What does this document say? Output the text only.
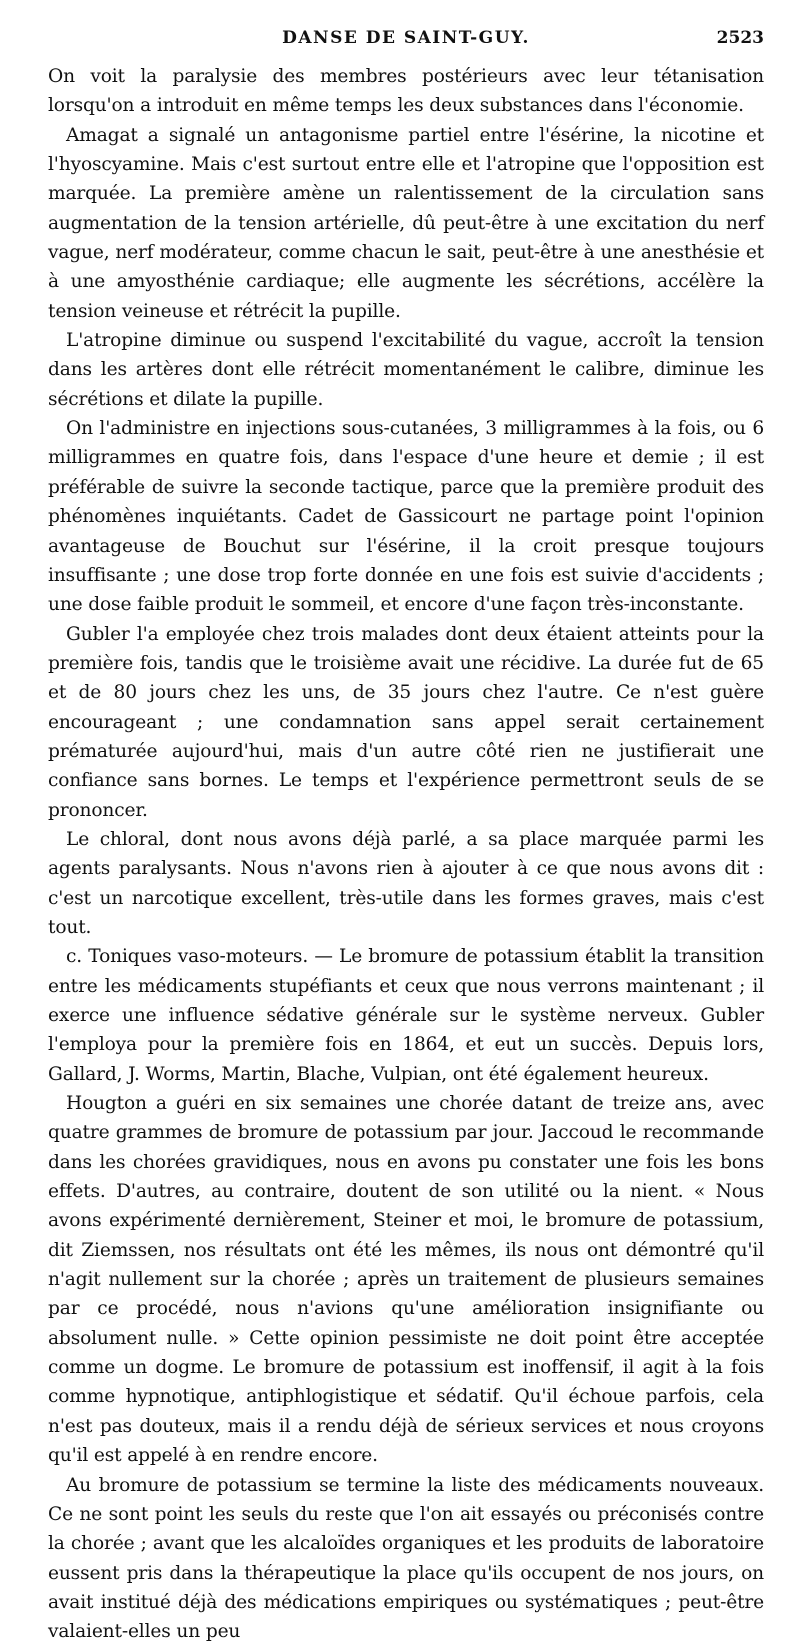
DANSE DE SAINT-GUY.	2523

On voit la paralysie des membres postérieurs avec leur tétanisation lorsqu'on a introduit en même temps les deux substances dans l'économie.

Amagat a signalé un antagonisme partiel entre l'ésérine, la nicotine et l'hyoscyamine. Mais c'est surtout entre elle et l'atropine que l'opposition est marquée. La première amène un ralentissement de la circulation sans augmentation de la tension artérielle, dû peut-être à une excitation du nerf vague, nerf modérateur, comme chacun le sait, peut-être à une anesthésie et à une amyosthénie cardiaque; elle augmente les sécrétions, accélère la tension veineuse et rétrécit la pupille.

L'atropine diminue ou suspend l'excitabilité du vague, accroît la tension dans les artères dont elle rétrécit momentanément le calibre, diminue les sécrétions et dilate la pupille.

On l'administre en injections sous-cutanées, 3 milligrammes à la fois, ou 6 milligrammes en quatre fois, dans l'espace d'une heure et demie ; il est préférable de suivre la seconde tactique, parce que la première produit des phénomènes inquiétants. Cadet de Gassicourt ne partage point l'opinion avantageuse de Bouchut sur l'ésérine, il la croit presque toujours insuffisante ; une dose trop forte donnée en une fois est suivie d'accidents ; une dose faible produit le sommeil, et encore d'une façon très-inconstante.

Gubler l'a employée chez trois malades dont deux étaient atteints pour la première fois, tandis que le troisième avait une récidive. La durée fut de 65 et de 80 jours chez les uns, de 35 jours chez l'autre. Ce n'est guère encourageant ; une condamnation sans appel serait certainement prématurée aujourd'hui, mais d'un autre côté rien ne justifierait une confiance sans bornes. Le temps et l'expérience permettront seuls de se prononcer.

Le chloral, dont nous avons déjà parlé, a sa place marquée parmi les agents paralysants. Nous n'avons rien à ajouter à ce que nous avons dit : c'est un narcotique excellent, très-utile dans les formes graves, mais c'est tout.

c. Toniques vaso-moteurs. — Le bromure de potassium établit la transition entre les médicaments stupéfiants et ceux que nous verrons maintenant ; il exerce une influence sédative générale sur le système nerveux. Gubler l'employa pour la première fois en 1864, et eut un succès. Depuis lors, Gallard, J. Worms, Martin, Blache, Vulpian, ont été également heureux.

Hougton a guéri en six semaines une chorée datant de treize ans, avec quatre grammes de bromure de potassium par jour. Jaccoud le recommande dans les chorées gravidiques, nous en avons pu constater une fois les bons effets. D'autres, au contraire, doutent de son utilité ou la nient. « Nous avons expérimenté dernièrement, Steiner et moi, le bromure de potassium, dit Ziemssen, nos résultats ont été les mêmes, ils nous ont démontré qu'il n'agit nullement sur la chorée ; après un traitement de plusieurs semaines par ce procédé, nous n'avions qu'une amélioration insignifiante ou absolument nulle. » Cette opinion pessimiste ne doit point être acceptée comme un dogme. Le bromure de potassium est inoffensif, il agit à la fois comme hypnotique, antiphlogistique et sédatif. Qu'il échoue parfois, cela n'est pas douteux, mais il a rendu déjà de sérieux services et nous croyons qu'il est appelé à en rendre encore.

Au bromure de potassium se termine la liste des médicaments nouveaux. Ce ne sont point les seuls du reste que l'on ait essayés ou préconisés contre la chorée ; avant que les alcaloïdes organiques et les produits de laboratoire eussent pris dans la thérapeutique la place qu'ils occupent de nos jours, on avait institué déjà des médications empiriques ou systématiques ; peut-être valaient-elles un peu
